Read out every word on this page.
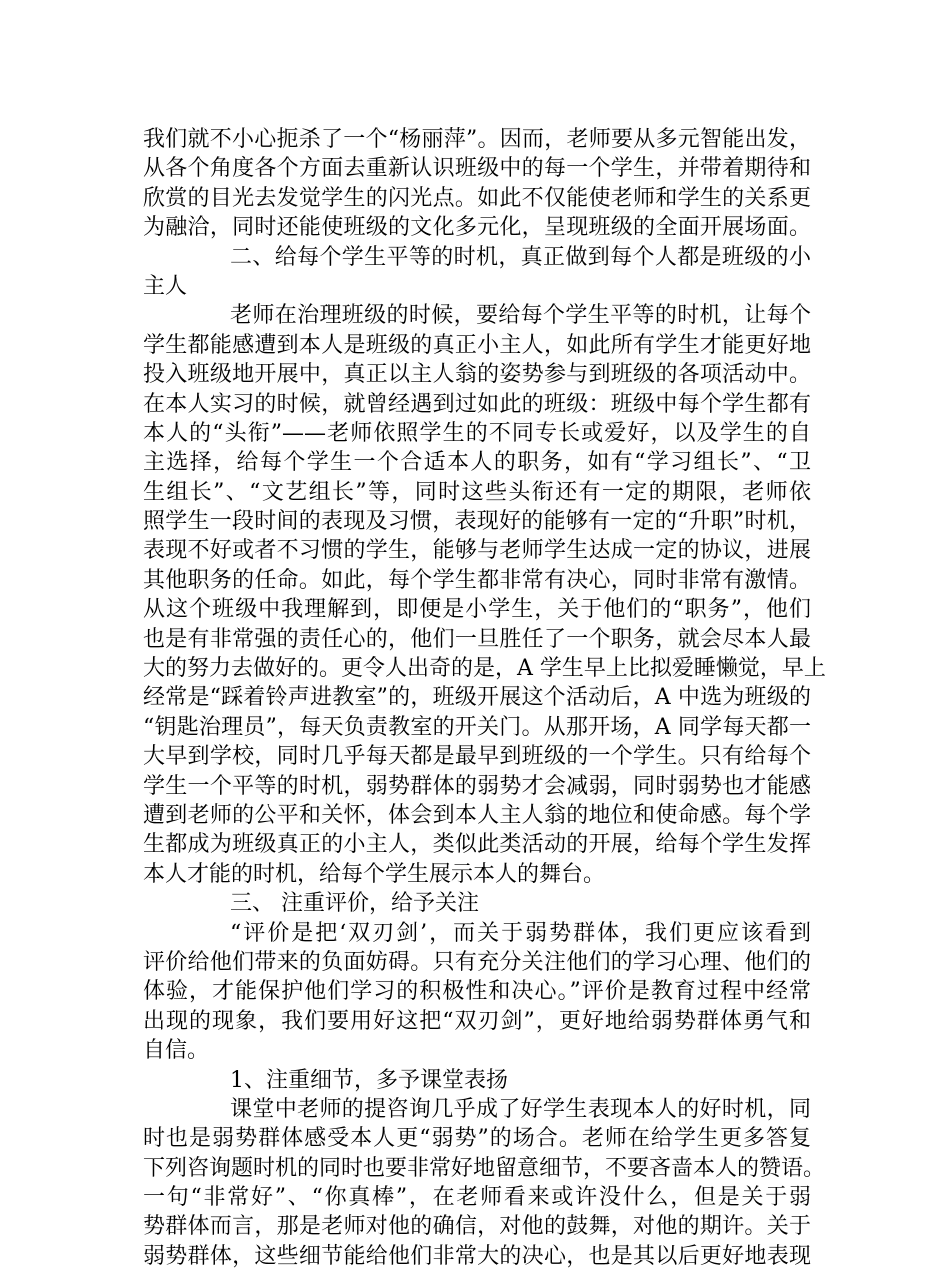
我们就不小心扼杀了一个“杨丽萍”。因而，老师要从多元智能出发，
从各个角度各个方面去重新认识班级中的每一个学生，并带着期待和
欣赏的目光去发觉学生的闪光点。如此不仅能使老师和学生的关系更
为融洽，同时还能使班级的文化多元化，呈现班级的全面开展场面。
二、给每个学生平等的时机，真正做到每个人都是班级的小
主人
老师在治理班级的时候，要给每个学生平等的时机，让每个
学生都能感遭到本人是班级的真正小主人，如此所有学生才能更好地
投入班级地开展中，真正以主人翁的姿势参与到班级的各项活动中。
在本人实习的时候，就曾经遇到过如此的班级：班级中每个学生都有
本人的“头衔”——老师依照学生的不同专长或爱好，以及学生的自
主选择，给每个学生一个合适本人的职务，如有“学习组长”、“卫
生组长”、“文艺组长”等，同时这些头衔还有一定的期限，老师依
照学生一段时间的表现及习惯，表现好的能够有一定的“升职”时机，
表现不好或者不习惯的学生，能够与老师学生达成一定的协议，进展
其他职务的任命。如此，每个学生都非常有决心，同时非常有激情。
从这个班级中我理解到，即便是小学生，关于他们的“职务”，他们
也是有非常强的责任心的，他们一旦胜任了一个职务，就会尽本人最
大的努力去做好的。更令人出奇的是，A 学生早上比拟爱睡懒觉，早上
经常是“踩着铃声进教室”的，班级开展这个活动后，A 中选为班级的
“钥匙治理员”，每天负责教室的开关门。从那开场，A 同学每天都一
大早到学校，同时几乎每天都是最早到班级的一个学生。只有给每个
学生一个平等的时机，弱势群体的弱势才会减弱，同时弱势也才能感
遭到老师的公平和关怀，体会到本人主人翁的地位和使命感。每个学
生都成为班级真正的小主人，类似此类活动的开展，给每个学生发挥
本人才能的时机，给每个学生展示本人的舞台。
三、 注重评价，给予关注
“评价是把‘双刃剑’，而关于弱势群体，我们更应该看到
评价给他们带来的负面妨碍。只有充分关注他们的学习心理、他们的
体验，才能保护他们学习的积极性和决心。”评价是教育过程中经常
出现的现象，我们要用好这把“双刃剑”，更好地给弱势群体勇气和
自信。
1、注重细节，多予课堂表扬
课堂中老师的提咨询几乎成了好学生表现本人的好时机，同
时也是弱势群体感受本人更“弱势”的场合。老师在给学生更多答复
下列咨询题时机的同时也要非常好地留意细节，不要吝啬本人的赞语。
一句“非常好”、“你真棒”，在老师看来或许没什么，但是关于弱
势群体而言，那是老师对他的确信，对他的鼓舞，对他的期许。关于
弱势群体，这些细节能给他们非常大的决心，也是其以后更好地表现
